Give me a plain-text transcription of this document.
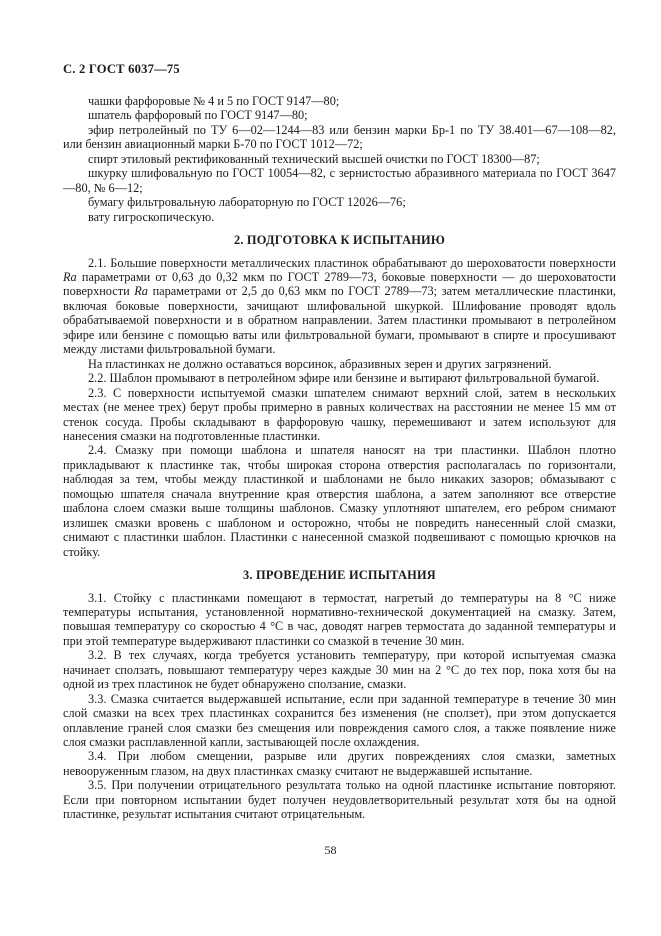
С. 2 ГОСТ 6037—75

чашки фарфоровые № 4 и 5 по ГОСТ 9147—80;

шпатель фарфоровый по ГОСТ 9147—80;

эфир петролейный по ТУ 6—02—1244—83 или бензин марки Бр-1 по ТУ 38.401—67—108—82, или бензин авиационный марки Б-70 по ГОСТ 1012—72;

спирт этиловый ректификованный технический высшей очистки по ГОСТ 18300—87;

шкурку шлифовальную по ГОСТ 10054—82, с зернистостью абразивного материала по ГОСТ 3647—80, № 6—12;

бумагу фильтровальную лабораторную по ГОСТ 12026—76;

вату гигроскопическую.

2. ПОДГОТОВКА К ИСПЫТАНИЮ

2.1. Большие поверхности металлических пластинок обрабатывают до шероховатости поверхности Ra параметрами от 0,63 до 0,32 мкм по ГОСТ 2789—73, боковые поверхности — до шероховатости поверхности Ra параметрами от 2,5 до 0,63 мкм по ГОСТ 2789—73; затем металлические пластинки, включая боковые поверхности, зачищают шлифовальной шкуркой. Шлифование проводят вдоль обрабатываемой поверхности и в обратном направлении. Затем пластинки промывают в петролейном эфире или бензине с помощью ваты или фильтровальной бумаги, промывают в спирте и просушивают между листами фильтровальной бумаги.

На пластинках не должно оставаться ворсинок, абразивных зерен и других загрязнений.

2.2. Шаблон промывают в петролейном эфире или бензине и вытирают фильтровальной бумагой.

2.3. С поверхности испытуемой смазки шпателем снимают верхний слой, затем в нескольких местах (не менее трех) берут пробы примерно в равных количествах на расстоянии не менее 15 мм от стенок сосуда. Пробы складывают в фарфоровую чашку, перемешивают и затем используют для нанесения смазки на подготовленные пластинки.

2.4. Смазку при помощи шаблона и шпателя наносят на три пластинки. Шаблон плотно прикладывают к пластинке так, чтобы широкая сторона отверстия располагалась по горизонтали, наблюдая за тем, чтобы между пластинкой и шаблонами не было никаких зазоров; обмазывают с помощью шпателя сначала внутренние края отверстия шаблона, а затем заполняют все отверстие шаблона слоем смазки выше толщины шаблонов. Смазку уплотняют шпателем, его ребром снимают излишек смазки вровень с шаблоном и осторожно, чтобы не повредить нанесенный слой смазки, снимают с пластинки шаблон. Пластинки с нанесенной смазкой подвешивают с помощью крючков на стойку.

3. ПРОВЕДЕНИЕ ИСПЫТАНИЯ

3.1. Стойку с пластинками помещают в термостат, нагретый до температуры на 8 °С ниже температуры испытания, установленной нормативно-технической документацией на смазку. Затем, повышая температуру со скоростью 4 °С в час, доводят нагрев термостата до заданной температуры и при этой температуре выдерживают пластинки со смазкой в течение 30 мин.

3.2. В тех случаях, когда требуется установить температуру, при которой испытуемая смазка начинает сползать, повышают температуру через каждые 30 мин на 2 °С до тех пор, пока хотя бы на одной из трех пластинок не будет обнаружено сползание, смазки.

3.3. Смазка считается выдержавшей испытание, если при заданной температуре в течение 30 мин слой смазки на всех трех пластинках сохранится без изменения (не сползет), при этом допускается оплавление граней слоя смазки без смещения или повреждения самого слоя, а также появление ниже слоя смазки расплавленной капли, застывающей после охлаждения.

3.4. При любом смещении, разрыве или других повреждениях слоя смазки, заметных невооруженным глазом, на двух пластинках смазку считают не выдержавшей испытание.

3.5. При получении отрицательного результата только на одной пластинке испытание повторяют. Если при повторном испытании будет получен неудовлетворительный результат хотя бы на одной пластинке, результат испытания считают отрицательным.

58
